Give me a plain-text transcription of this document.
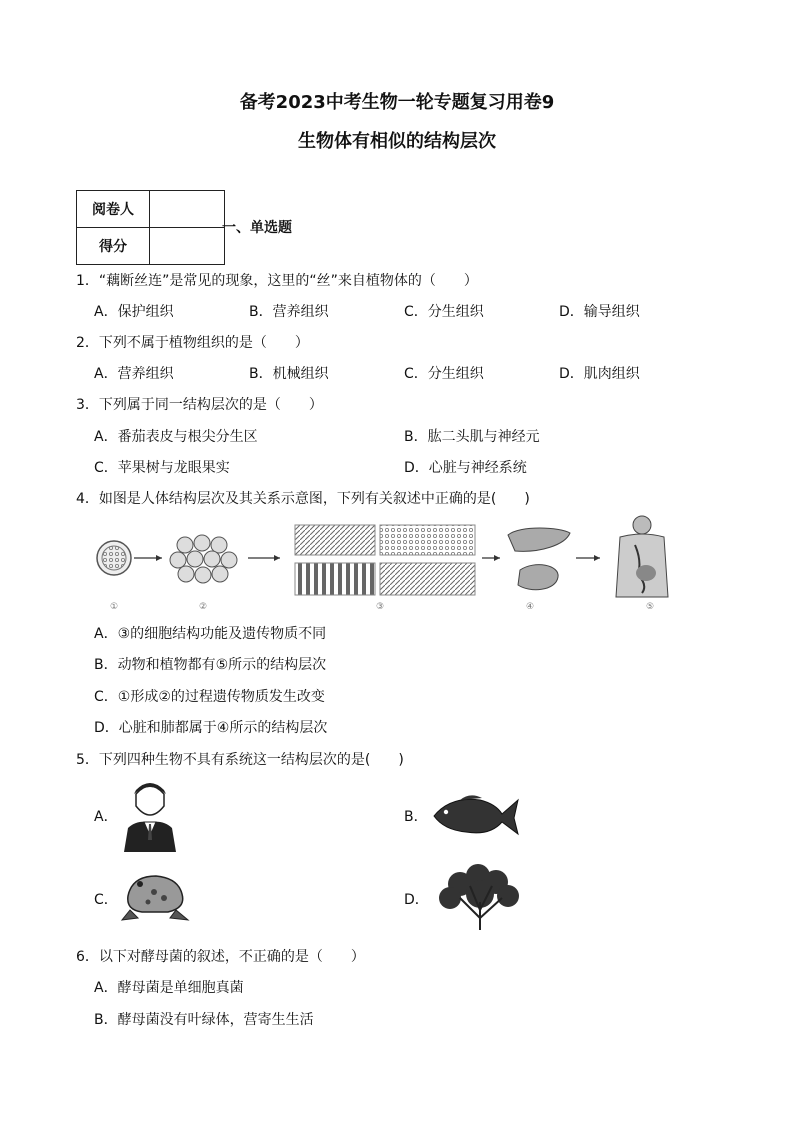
备考2023中考生物一轮专题复习用卷9
生物体有相似的结构层次
阅卷人	
得分	
一、单选题
1．“藕断丝连”是常见的现象，这里的“丝”来自植物体的（　　）
A．保护组织	B．营养组织	C．分生组织	D．输导组织
2．下列不属于植物组织的是（　　）
A．营养组织	B．机械组织	C．分生组织	D．肌肉组织
3．下列属于同一结构层次的是（　　）
A．番茄表皮与根尖分生区	B．肱二头肌与神经元
C．苹果树与龙眼果实	D．心脏与神经系统
4．如图是人体结构层次及其关系示意图，下列有关叙述中正确的是(　　)
①	②	③	④	⑤
A．③的细胞结构功能及遗传物质不同
B．动物和植物都有⑤所示的结构层次
C．①形成②的过程遗传物质发生改变
D．心脏和肺都属于④所示的结构层次
5．下列四种生物不具有系统这一结构层次的是(　　)
A．	B．
C．	D．
6．以下对酵母菌的叙述，不正确的是（　　）
A．酵母菌是单细胞真菌
B．酵母菌没有叶绿体，营寄生生活
